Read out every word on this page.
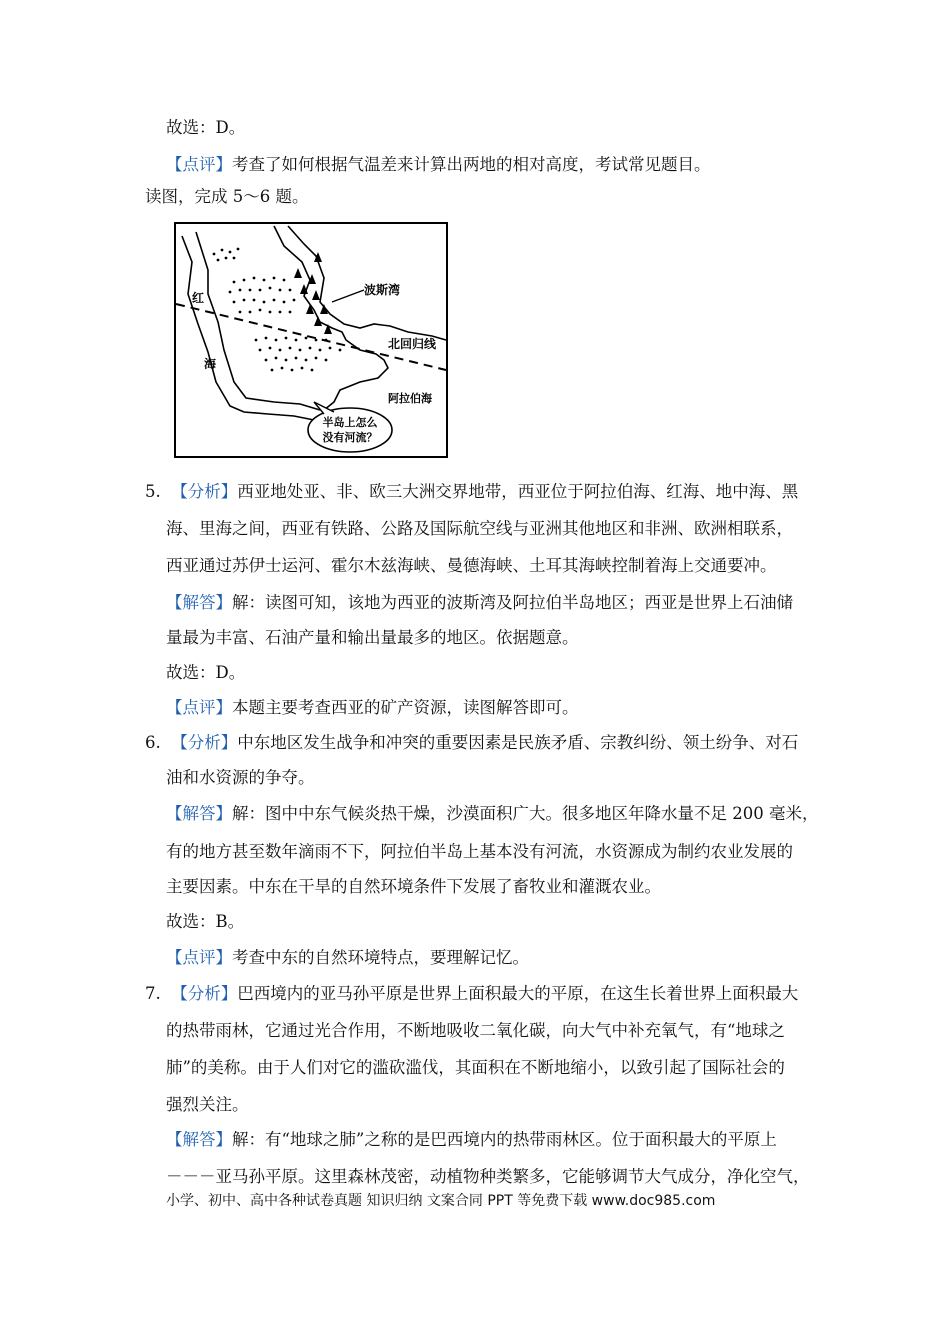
故选：D。
【点评】考查了如何根据气温差来计算出两地的相对高度，考试常见题目。
读图，完成 5～6 题。
波斯湾
北回归线
阿拉伯海
红
海
半岛上怎么
没有河流？
5. 【分析】西亚地处亚、非、欧三大洲交界地带，西亚位于阿拉伯海、红海、地中海、黑
海、里海之间，西亚有铁路、公路及国际航空线与亚洲其他地区和非洲、欧洲相联系，
西亚通过苏伊士运河、霍尔木兹海峡、曼德海峡、土耳其海峡控制着海上交通要冲。
【解答】解：读图可知，该地为西亚的波斯湾及阿拉伯半岛地区；西亚是世界上石油储
量最为丰富、石油产量和输出量最多的地区。依据题意。
故选：D。
【点评】本题主要考查西亚的矿产资源，读图解答即可。
6. 【分析】中东地区发生战争和冲突的重要因素是民族矛盾、宗教纠纷、领土纷争、对石
油和水资源的争夺。
【解答】解：图中中东气候炎热干燥，沙漠面积广大。很多地区年降水量不足 200 毫米，
有的地方甚至数年滴雨不下，阿拉伯半岛上基本没有河流，水资源成为制约农业发展的
主要因素。中东在干旱的自然环境条件下发展了畜牧业和灌溉农业。
故选：B。
【点评】考查中东的自然环境特点，要理解记忆。
7. 【分析】巴西境内的亚马孙平原是世界上面积最大的平原，在这生长着世界上面积最大
的热带雨林，它通过光合作用，不断地吸收二氧化碳，向大气中补充氧气，有“地球之
肺”的美称。由于人们对它的滥砍滥伐，其面积在不断地缩小，以致引起了国际社会的
强烈关注。
【解答】解：有“地球之肺”之称的是巴西境内的热带雨林区。位于面积最大的平原上
－－－亚马孙平原。这里森林茂密，动植物种类繁多，它能够调节大气成分，净化空气，
小学、初中、高中各种试卷真题 知识归纳 文案合同 PPT 等免费下载 www.doc985.com
